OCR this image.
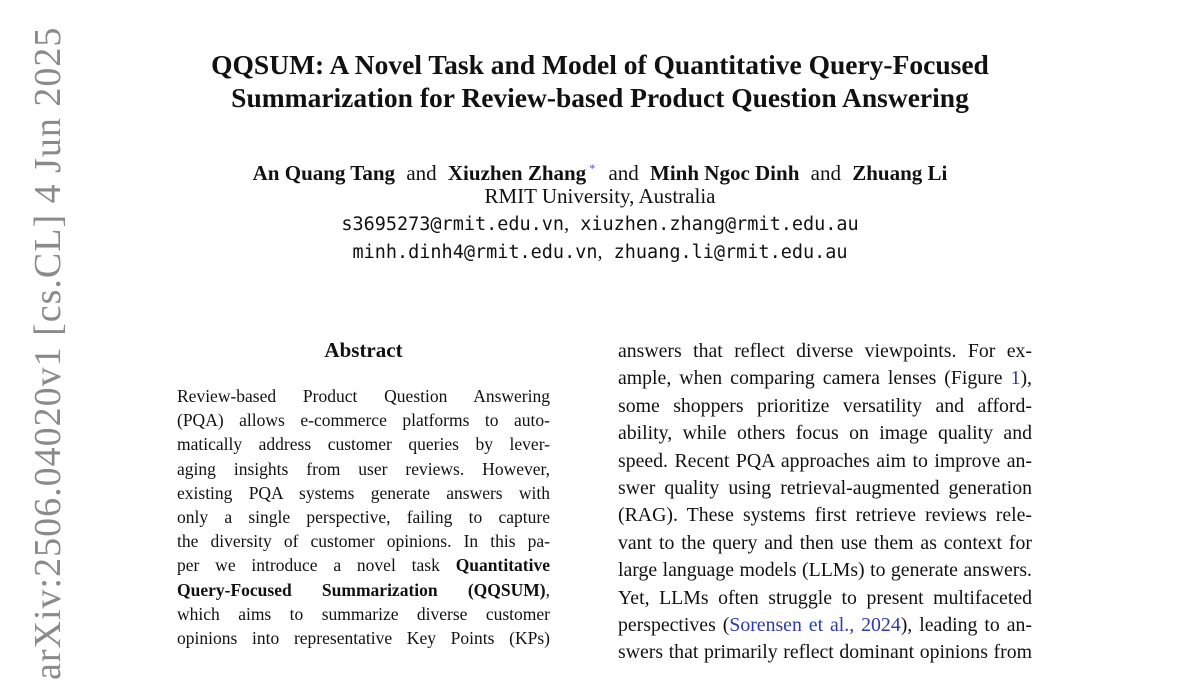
QQSUM: A Novel Task and Model of Quantitative Query-Focused
Summarization for Review-based Product Question Answering
An Quang Tang and Xiuzhen Zhang * and Minh Ngoc Dinh and Zhuang Li
RMIT University, Australia
s3695273@rmit.edu.vn, xiuzhen.zhang@rmit.edu.au
minh.dinh4@rmit.edu.vn, zhuang.li@rmit.edu.au
Abstract
Review-based Product Question Answering
(PQA) allows e-commerce platforms to auto-
matically address customer queries by lever-
aging insights from user reviews. However,
existing PQA systems generate answers with
only a single perspective, failing to capture
the diversity of customer opinions. In this pa-
per we introduce a novel task Quantitative
Query-Focused Summarization (QQSUM),
which aims to summarize diverse customer
opinions into representative Key Points (KPs)
answers that reflect diverse viewpoints. For ex-
ample, when comparing camera lenses (Figure 1),
some shoppers prioritize versatility and afford-
ability, while others focus on image quality and
speed. Recent PQA approaches aim to improve an-
swer quality using retrieval-augmented generation
(RAG). These systems first retrieve reviews rele-
vant to the query and then use them as context for
large language models (LLMs) to generate answers.
Yet, LLMs often struggle to present multifaceted
perspectives (Sorensen et al., 2024), leading to an-
swers that primarily reflect dominant opinions from
arXiv:2506.04020v1 [cs.CL] 4 Jun 2025
